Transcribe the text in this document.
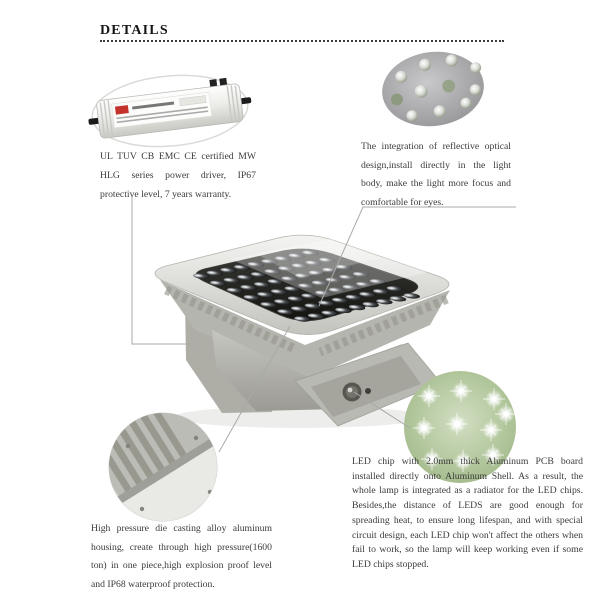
DETAILS
UL TUV CB EMC CE certified MW HLG series power driver, IP67 protective level, 7 years warranty.
The integration of reflective optical design,install directly in the light body, make the light more focus and comfortable for eyes.
High pressure die casting alloy aluminum housing, create through high pressure(1600 ton) in one piece,high explosion proof level and IP68 waterproof protection.
LED chip with 2.0mm thick Aluminum PCB board installed directly onto Aluminum Shell. As a result, the whole lamp is integrated as a radiator for the LED chips. Besides,the distance of LEDS are good enough for spreading heat, to ensure long lifespan, and with special circuit design, each LED chip won't affect the others when fail to work, so the lamp will keep working even if some LED chips stopped.
